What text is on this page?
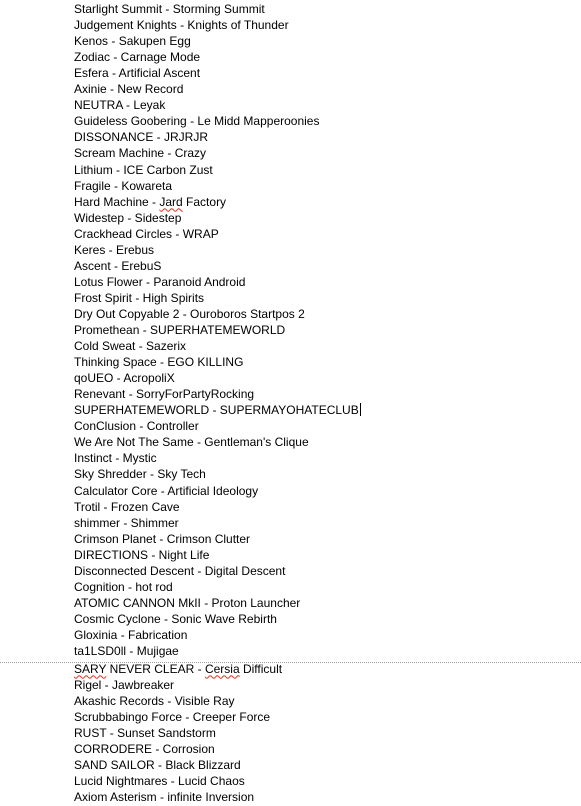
Starlight Summit - Storming Summit
Judgement Knights - Knights of Thunder
Kenos - Sakupen Egg
Zodiac - Carnage Mode
Esfera - Artificial Ascent
Axinie - New Record
NEUTRA - Leyak
Guideless Goobering - Le Midd Mapperoonies
DISSONANCE - JRJRJR
Scream Machine - Crazy
Lithium - ICE Carbon Zust
Fragile - Kowareta
Hard Machine - Jard Factory
Widestep - Sidestep
Crackhead Circles - WRAP
Keres - Erebus
Ascent - ErebuS
Lotus Flower - Paranoid Android
Frost Spirit - High Spirits
Dry Out Copyable 2 - Ouroboros Startpos 2
Promethean - SUPERHATEMEWORLD
Cold Sweat - Sazerix
Thinking Space - EGO KILLING
qoUEO - AcropoliX
Renevant - SorryForPartyRocking
SUPERHATEMEWORLD - SUPERMAYOHATECLUB
ConClusion - Controller
We Are Not The Same - Gentleman's Clique
Instinct - Mystic
Sky Shredder - Sky Tech
Calculator Core - Artificial Ideology
Trotil - Frozen Cave
shimmer - Shimmer
Crimson Planet - Crimson Clutter
DIRECTIONS - Night Life
Disconnected Descent - Digital Descent
Cognition - hot rod
ATOMIC CANNON MkII - Proton Launcher
Cosmic Cyclone - Sonic Wave Rebirth
Gloxinia - Fabrication
ta1LSD0ll - Mujigae
SARY NEVER CLEAR - Cersia Difficult
Rigel - Jawbreaker
Akashic Records - Visible Ray
Scrubbabingo Force - Creeper Force
RUST - Sunset Sandstorm
CORRODERE - Corrosion
SAND SAILOR - Black Blizzard
Lucid Nightmares - Lucid Chaos
Axiom Asterism - infinite Inversion
